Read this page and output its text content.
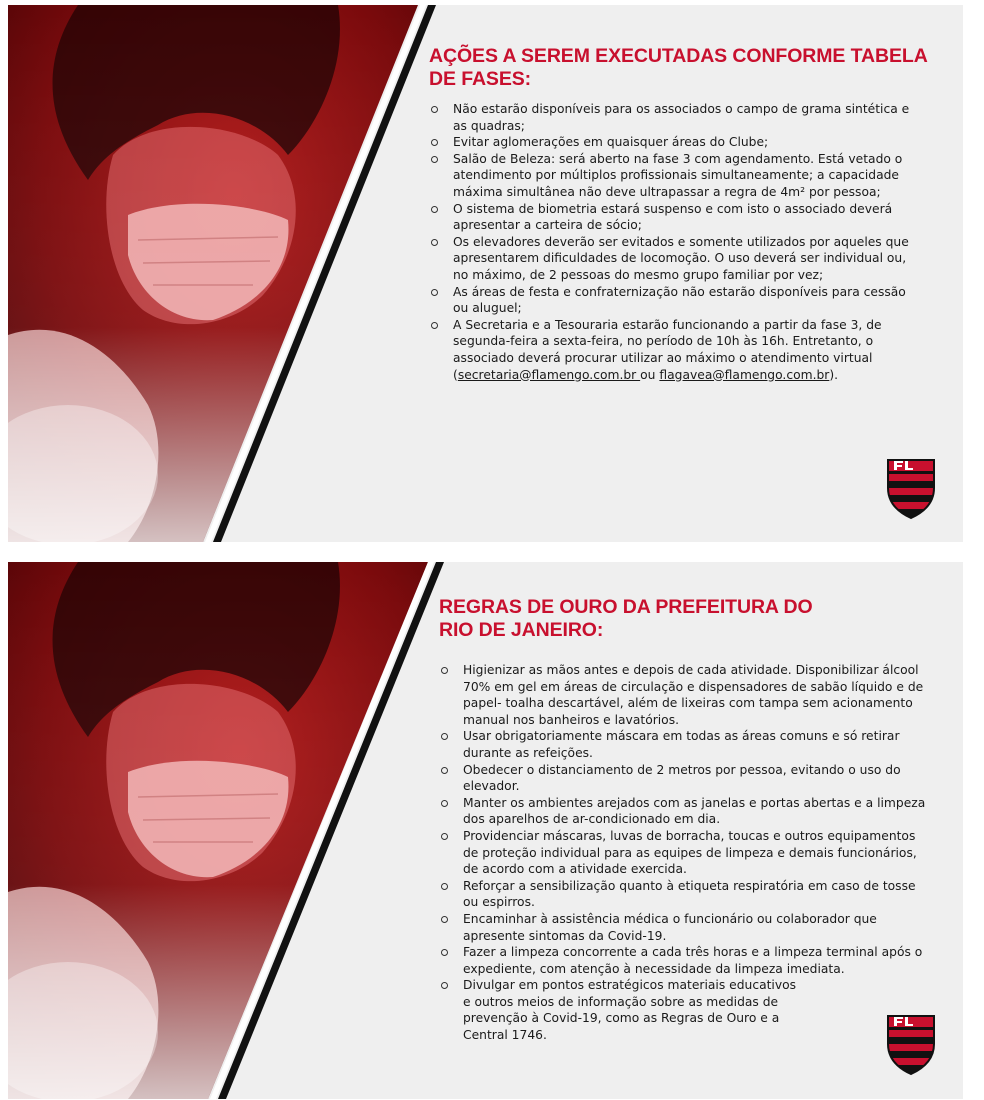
AÇÕES A SEREM EXECUTADAS CONFORME TABELA
DE FASES:
Não estarão disponíveis para os associados o campo de grama sintética e as quadras;
Evitar aglomerações em quaisquer áreas do Clube;
Salão de Beleza: será aberto na fase 3 com agendamento. Está vetado o atendimento por múltiplos profissionais simultaneamente; a capacidade máxima simultânea não deve ultrapassar a regra de 4m² por pessoa;
O sistema de biometria estará suspenso e com isto o associado deverá apresentar a carteira de sócio;
Os elevadores deverão ser evitados e somente utilizados por aqueles que apresentarem dificuldades de locomoção. O uso deverá ser individual ou, no máximo, de 2 pessoas do mesmo grupo familiar por vez;
As áreas de festa e confraternização não estarão disponíveis para cessão ou aluguel;
A Secretaria e a Tesouraria estarão funcionando a partir da fase 3, de segunda-feira a sexta-feira, no período de 10h às 16h. Entretanto, o associado deverá procurar utilizar ao máximo o atendimento virtual (secretaria@flamengo.com.br ou flagavea@flamengo.com.br).
REGRAS DE OURO DA PREFEITURA DO
RIO DE JANEIRO:
Higienizar as mãos antes e depois de cada atividade. Disponibilizar álcool 70% em gel em áreas de circulação e dispensadores de sabão líquido e de papel- toalha descartável, além de lixeiras com tampa sem acionamento manual nos banheiros e lavatórios.
Usar obrigatoriamente máscara em todas as áreas comuns e só retirar durante as refeições.
Obedecer o distanciamento de 2 metros por pessoa, evitando o uso do elevador.
Manter os ambientes arejados com as janelas e portas abertas e a limpeza dos aparelhos de ar-condicionado em dia.
Providenciar máscaras, luvas de borracha, toucas e outros equipamentos de proteção individual para as equipes de limpeza e demais funcionários, de acordo com a atividade exercida.
Reforçar a sensibilização quanto à etiqueta respiratória em caso de tosse ou espirros.
Encaminhar à assistência médica o funcionário ou colaborador que apresente sintomas da Covid-19.
Fazer a limpeza concorrente a cada três horas e a limpeza terminal após o expediente, com atenção à necessidade da limpeza imediata.
Divulgar em pontos estratégicos materiais educativos e outros meios de informação sobre as medidas de prevenção à Covid-19, como as Regras de Ouro e a Central 1746.
